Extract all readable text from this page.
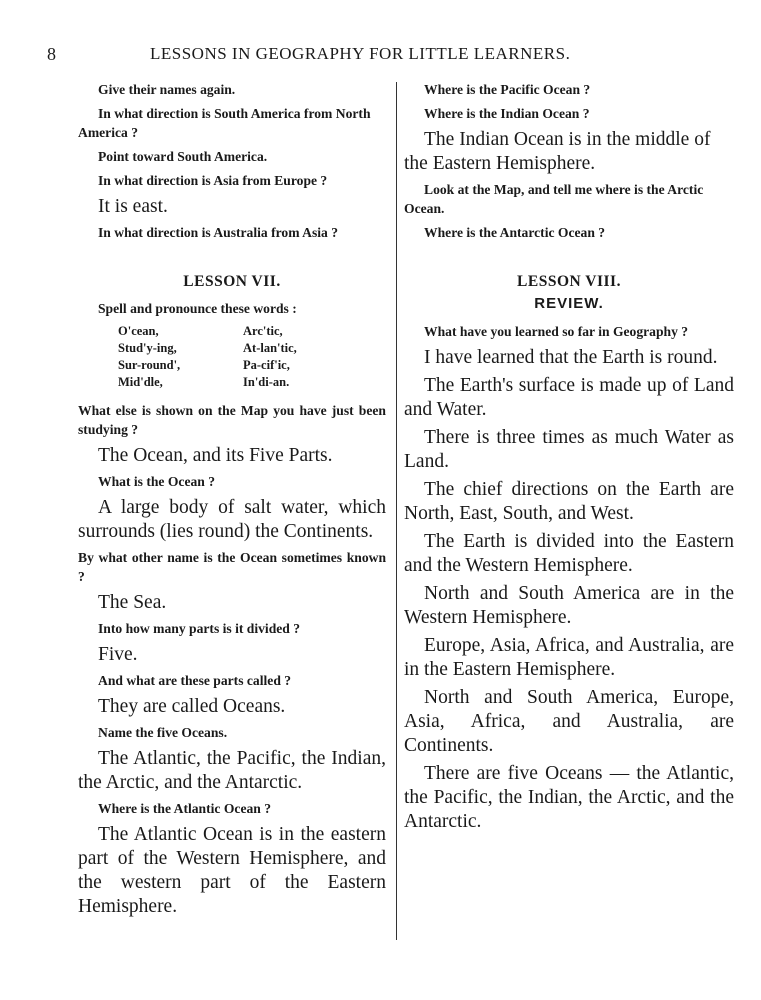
8	LESSONS IN GEOGRAPHY FOR LITTLE LEARNERS.

Give their names again.

In what direction is South America from North America ?

Point toward South America.

In what direction is Asia from Europe ?

It is east.

In what direction is Australia from Asia ?

LESSON VII.

Spell and pronounce these words :

O'cean,	Arc'tic,
Stud'y-ing,	At-lan'tic,
Sur-round',	Pa-cif'ic,
Mid'dle,	In'di-an.

What else is shown on the Map you have just been studying ?

The Ocean, and its Five Parts.

What is the Ocean ?

A large body of salt water, which surrounds (lies round) the Continents.

By what other name is the Ocean sometimes known ?

The Sea.

Into how many parts is it divided ?

Five.

And what are these parts called ?

They are called Oceans.

Name the five Oceans.

The Atlantic, the Pacific, the Indian, the Arctic, and the Antarctic.

Where is the Atlantic Ocean ?

The Atlantic Ocean is in the eastern part of the Western Hemisphere, and the western part of the Eastern Hemisphere.

Where is the Pacific Ocean ?

Where is the Indian Ocean ?

The Indian Ocean is in the middle of the Eastern Hemisphere.

Look at the Map, and tell me where is the Arctic Ocean.

Where is the Antarctic Ocean ?

LESSON VIII.
REVIEW.

What have you learned so far in Geography ?

I have learned that the Earth is round.

The Earth's surface is made up of Land and Water.

There is three times as much Water as Land.

The chief directions on the Earth are North, East, South, and West.

The Earth is divided into the Eastern and the Western Hemisphere.

North and South America are in the Western Hemisphere.

Europe, Asia, Africa, and Australia, are in the Eastern Hemisphere.

North and South America, Europe, Asia, Africa, and Australia, are Continents.

There are five Oceans — the Atlantic, the Pacific, the Indian, the Arctic, and the Antarctic.
